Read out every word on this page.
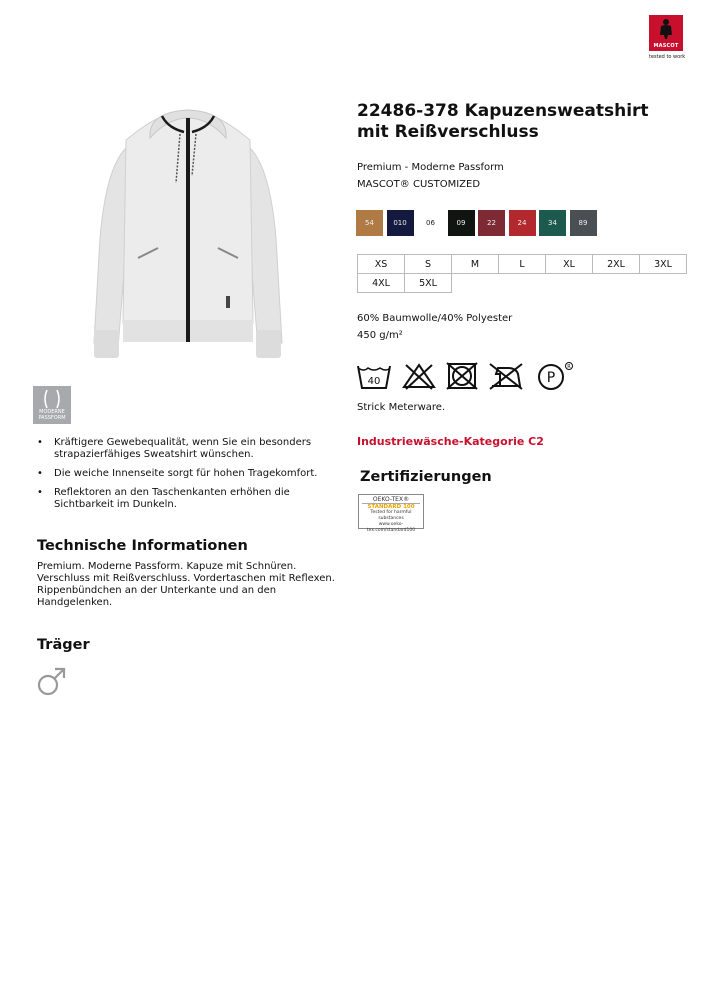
MASCOT
tested to work
22486-378 Kapuzensweatshirt mit Reißverschluss
Premium - Moderne Passform
MASCOT® CUSTOMIZED
54	010	06	09	22	24	34	89
XS	S	M	L	XL	2XL	3XL
4XL	5XL
60% Baumwolle/40% Polyester
450 g/m²
40	P
R
Strick Meterware.
Industriewäsche-Kategorie C2
Zertifizierungen
OEKO-TEX®
STANDARD 100
Tested for harmful substances
www.oeko-tex.com/standard100
MODERNE
PASSFORM
• Kräftigere Gewebequalität, wenn Sie ein besonders strapazierfähiges Sweatshirt wünschen.
• Die weiche Innenseite sorgt für hohen Tragekomfort.
• Reflektoren an den Taschenkanten erhöhen die Sichtbarkeit im Dunkeln.
Technische Informationen
Premium. Moderne Passform. Kapuze mit Schnüren. Verschluss mit Reißverschluss. Vordertaschen mit Reflexen. Rippenbündchen an der Unterkante und an den Handgelenken.
Träger
